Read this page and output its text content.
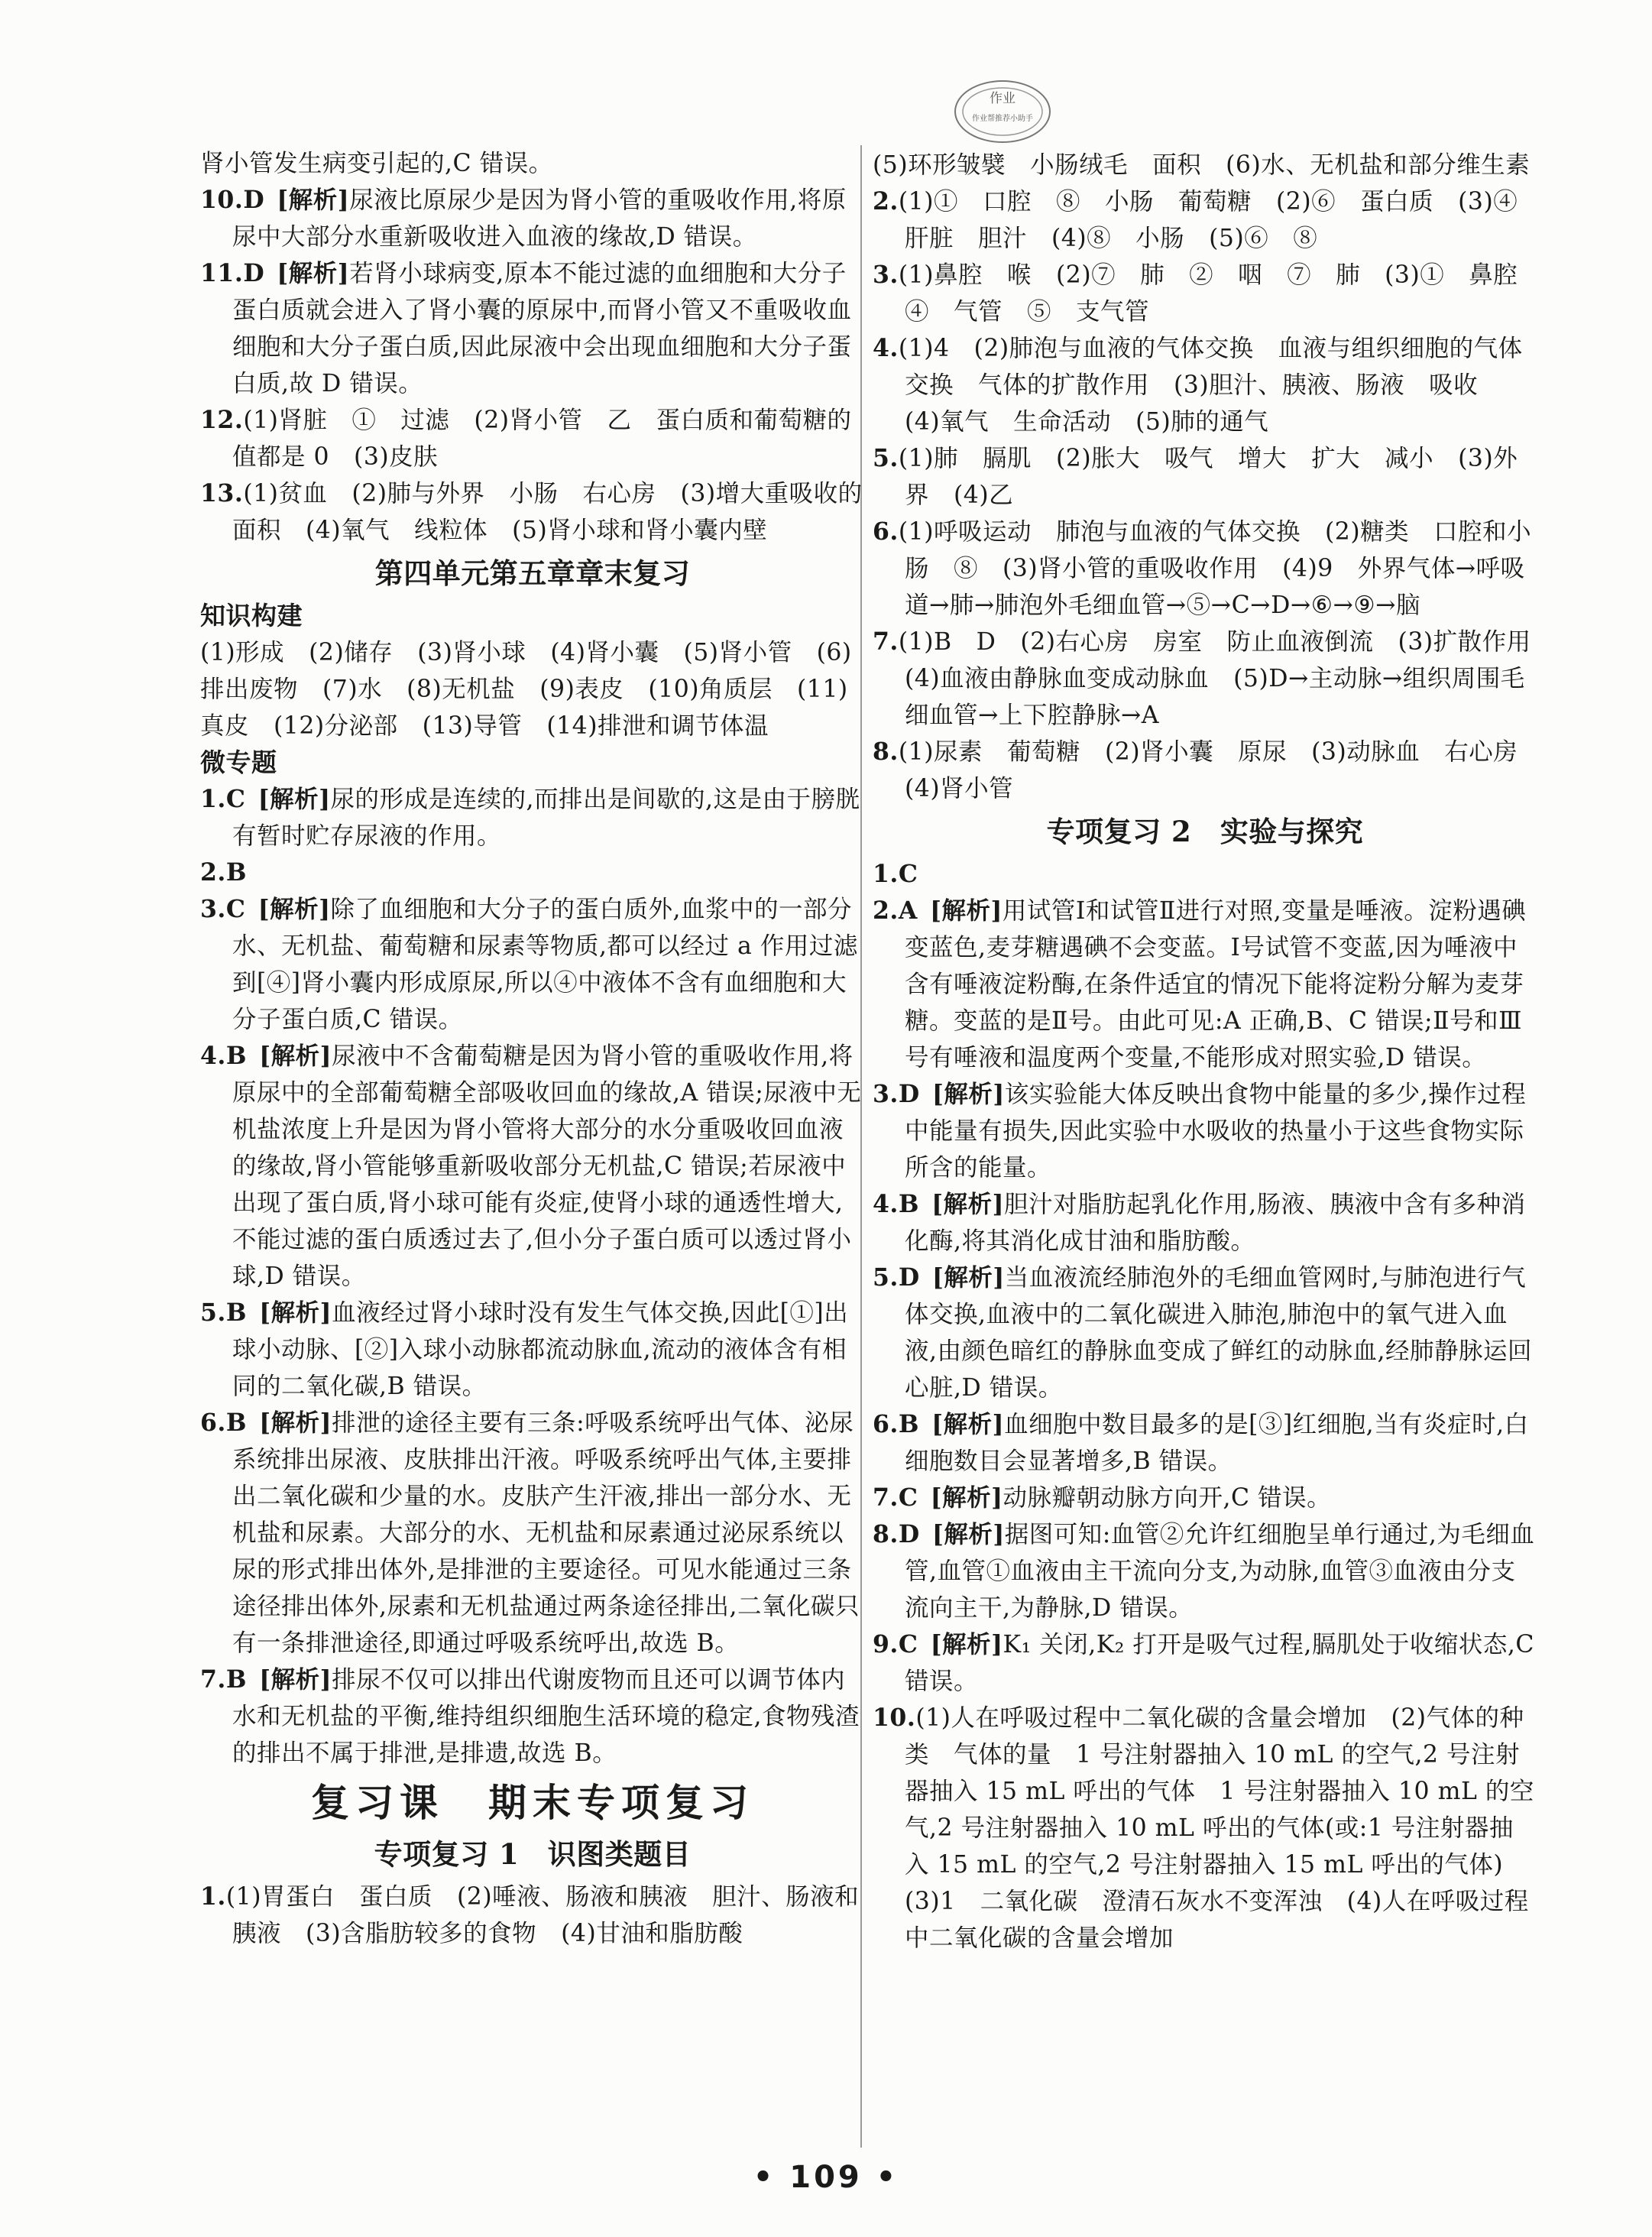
作业
作业帮推荐小助手

肾小管发生病变引起的,C 错误。

10.D  [解析]尿液比原尿少是因为肾小管的重吸收作用,将原尿中大部分水重新吸收进入血液的缘故,D 错误。

11.D  [解析]若肾小球病变,原本不能过滤的血细胞和大分子蛋白质就会进入了肾小囊的原尿中,而肾小管又不重吸收血细胞和大分子蛋白质,因此尿液中会出现血细胞和大分子蛋白质,故 D 错误。

12.(1)肾脏　①　过滤　(2)肾小管　乙　蛋白质和葡萄糖的值都是 0　(3)皮肤

13.(1)贫血　(2)肺与外界　小肠　右心房　(3)增大重吸收的面积　(4)氧气　线粒体　(5)肾小球和肾小囊内壁

第四单元第五章章末复习
知识构建

(1)形成　(2)储存　(3)肾小球　(4)肾小囊　(5)肾小管　(6)排出废物　(7)水　(8)无机盐　(9)表皮　(10)角质层　(11)真皮　(12)分泌部　(13)导管　(14)排泄和调节体温

微专题

1.C  [解析]尿的形成是连续的,而排出是间歇的,这是由于膀胱有暂时贮存尿液的作用。

2.B

3.C  [解析]除了血细胞和大分子的蛋白质外,血浆中的一部分水、无机盐、葡萄糖和尿素等物质,都可以经过 a 作用过滤到[④]肾小囊内形成原尿,所以④中液体不含有血细胞和大分子蛋白质,C 错误。

4.B  [解析]尿液中不含葡萄糖是因为肾小管的重吸收作用,将原尿中的全部葡萄糖全部吸收回血的缘故,A 错误;尿液中无机盐浓度上升是因为肾小管将大部分的水分重吸收回血液的缘故,肾小管能够重新吸收部分无机盐,C 错误;若尿液中出现了蛋白质,肾小球可能有炎症,使肾小球的通透性增大,不能过滤的蛋白质透过去了,但小分子蛋白质可以透过肾小球,D 错误。

5.B  [解析]血液经过肾小球时没有发生气体交换,因此[①]出球小动脉、[②]入球小动脉都流动脉血,流动的液体含有相同的二氧化碳,B 错误。

6.B  [解析]排泄的途径主要有三条:呼吸系统呼出气体、泌尿系统排出尿液、皮肤排出汗液。呼吸系统呼出气体,主要排出二氧化碳和少量的水。皮肤产生汗液,排出一部分水、无机盐和尿素。大部分的水、无机盐和尿素通过泌尿系统以尿的形式排出体外,是排泄的主要途径。可见水能通过三条途径排出体外,尿素和无机盐通过两条途径排出,二氧化碳只有一条排泄途径,即通过呼吸系统呼出,故选 B。

7.B  [解析]排尿不仅可以排出代谢废物而且还可以调节体内水和无机盐的平衡,维持组织细胞生活环境的稳定,食物残渣的排出不属于排泄,是排遗,故选 B。

复习课　期末专项复习
专项复习 1　识图类题目

1.(1)胃蛋白　蛋白质　(2)唾液、肠液和胰液　胆汁、肠液和胰液　(3)含脂肪较多的食物　(4)甘油和脂肪酸

(5)环形皱襞　小肠绒毛　面积　(6)水、无机盐和部分维生素

2.(1)①　口腔　⑧　小肠　葡萄糖　(2)⑥　蛋白质　(3)④　肝脏　胆汁　(4)⑧　小肠　(5)⑥　⑧

3.(1)鼻腔　喉　(2)⑦　肺　②　咽　⑦　肺　(3)①　鼻腔　④　气管　⑤　支气管

4.(1)4　(2)肺泡与血液的气体交换　血液与组织细胞的气体交换　气体的扩散作用　(3)胆汁、胰液、肠液　吸收　(4)氧气　生命活动　(5)肺的通气

5.(1)肺　膈肌　(2)胀大　吸气　增大　扩大　减小　(3)外界　(4)乙

6.(1)呼吸运动　肺泡与血液的气体交换　(2)糖类　口腔和小肠　⑧　(3)肾小管的重吸收作用　(4)9　外界气体→呼吸道→肺→肺泡外毛细血管→⑤→C→D→⑥→⑨→脑

7.(1)B　D　(2)右心房　房室　防止血液倒流　(3)扩散作用　(4)血液由静脉血变成动脉血　(5)D→主动脉→组织周围毛细血管→上下腔静脉→A

8.(1)尿素　葡萄糖　(2)肾小囊　原尿　(3)动脉血　右心房　(4)肾小管

专项复习 2　实验与探究

1.C

2.A  [解析]用试管Ⅰ和试管Ⅱ进行对照,变量是唾液。淀粉遇碘变蓝色,麦芽糖遇碘不会变蓝。Ⅰ号试管不变蓝,因为唾液中含有唾液淀粉酶,在条件适宜的情况下能将淀粉分解为麦芽糖。变蓝的是Ⅱ号。由此可见:A 正确,B、C 错误;Ⅱ号和Ⅲ号有唾液和温度两个变量,不能形成对照实验,D 错误。

3.D  [解析]该实验能大体反映出食物中能量的多少,操作过程中能量有损失,因此实验中水吸收的热量小于这些食物实际所含的能量。

4.B  [解析]胆汁对脂肪起乳化作用,肠液、胰液中含有多种消化酶,将其消化成甘油和脂肪酸。

5.D  [解析]当血液流经肺泡外的毛细血管网时,与肺泡进行气体交换,血液中的二氧化碳进入肺泡,肺泡中的氧气进入血液,由颜色暗红的静脉血变成了鲜红的动脉血,经肺静脉运回心脏,D 错误。

6.B  [解析]血细胞中数目最多的是[③]红细胞,当有炎症时,白细胞数目会显著增多,B 错误。

7.C  [解析]动脉瓣朝动脉方向开,C 错误。

8.D  [解析]据图可知:血管②允许红细胞呈单行通过,为毛细血管,血管①血液由主干流向分支,为动脉,血管③血液由分支流向主干,为静脉,D 错误。

9.C  [解析]K₁ 关闭,K₂ 打开是吸气过程,膈肌处于收缩状态,C 错误。

10.(1)人在呼吸过程中二氧化碳的含量会增加　(2)气体的种类　气体的量　1 号注射器抽入 10 mL 的空气,2 号注射器抽入 15 mL 呼出的气体　1 号注射器抽入 10 mL 的空气,2 号注射器抽入 10 mL 呼出的气体(或:1 号注射器抽入 15 mL 的空气,2 号注射器抽入 15 mL 呼出的气体)　(3)1　二氧化碳　澄清石灰水不变浑浊　(4)人在呼吸过程中二氧化碳的含量会增加

• 109 •
